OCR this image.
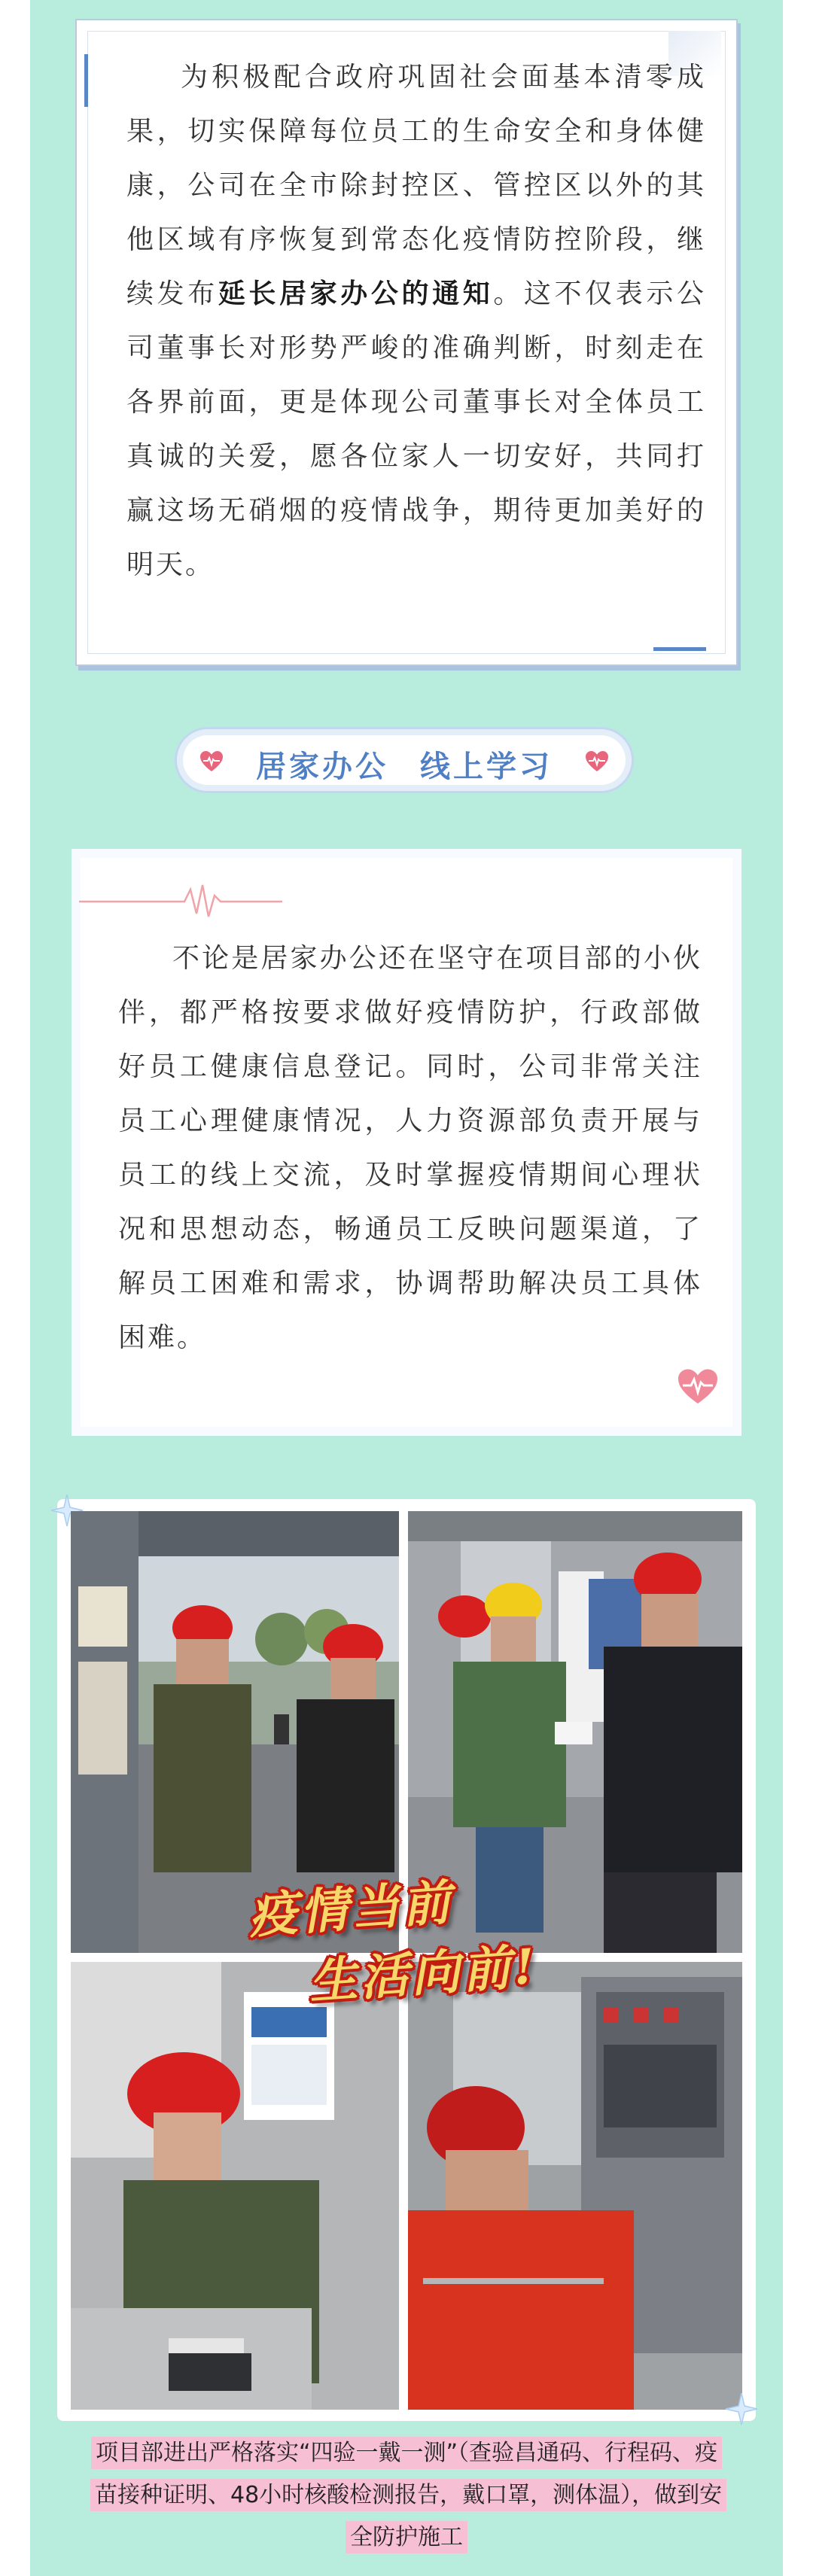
为积极配合政府巩固社会面基本清零成果，切实保障每位员工的生命安全和身体健康，公司在全市除封控区、管控区以外的其他区域有序恢复到常态化疫情防控阶段，继续发布延长居家办公的通知。这不仅表示公司董事长对形势严峻的准确判断，时刻走在各界前面，更是体现公司董事长对全体员工真诚的关爱，愿各位家人一切安好，共同打赢这场无硝烟的疫情战争，期待更加美好的明天。
居家办公 线上学习
不论是居家办公还在坚守在项目部的小伙伴，都严格按要求做好疫情防护，行政部做好员工健康信息登记。同时，公司非常关注员工心理健康情况，人力资源部负责开展与员工的线上交流，及时掌握疫情期间心理状况和思想动态，畅通员工反映问题渠道，了解员工困难和需求，协调帮助解决员工具体困难。
疫情当前
生活向前!
项目部进出严格落实“四验一戴一测”（查验昌通码、行程码、疫苗接种证明、48小时核酸检测报告，戴口罩，测体温），做到安全防护施工
